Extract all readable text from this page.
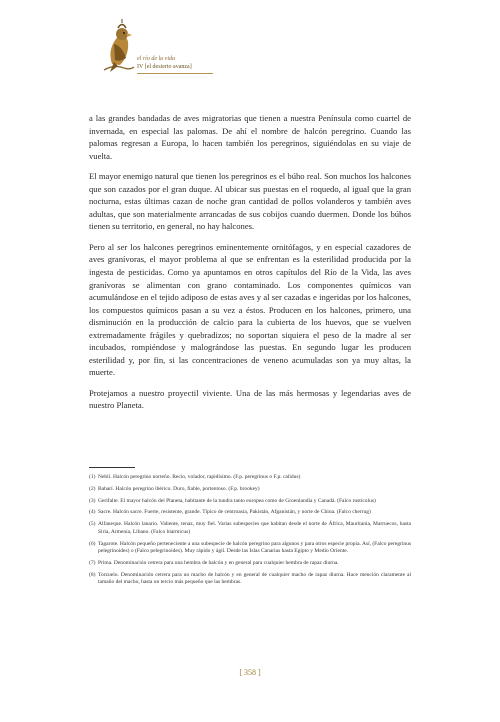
el río de la vida
IV [el desierto avanza]

a las grandes bandadas de aves migratorias que tienen a nuestra Península como cuartel de invernada, en especial las palomas. De ahí el nombre de halcón peregrino. Cuando las palomas regresan a Europa, lo hacen también los peregrinos, siguiéndolas en su viaje de vuelta.

El mayor enemigo natural que tienen los peregrinos es el búho real. Son muchos los halcones que son cazados por el gran duque. Al ubicar sus puestas en el roquedo, al igual que la gran nocturna, estas últimas cazan de noche gran cantidad de pollos volanderos y también aves adultas, que son materialmente arrancadas de sus cobijos cuando duermen. Donde los búhos tienen su territorio, en general, no hay halcones.

Pero al ser los halcones peregrinos eminentemente ornitófagos, y en especial cazadores de aves granívoras, el mayor problema al que se enfrentan es la esterilidad producida por la ingesta de pesticidas. Como ya apuntamos en otros capítulos del Río de la Vida, las aves granívoras se alimentan con grano contaminado. Los componentes químicos van acumulándose en el tejido adiposo de estas aves y al ser cazadas e ingeridas por los halcones, los compuestos químicos pasan a su vez a éstos. Producen en los halcones, primero, una disminución en la producción de calcio para la cubierta de los huevos, que se vuelven extremadamente frágiles y quebradizos; no soportan siquiera el peso de la madre al ser incubados, rompiéndose y malográndose las puestas. En segundo lugar les producen esterilidad y, por fin, si las concentraciones de veneno acumuladas son ya muy altas, la muerte.

Protejamos a nuestro proyectil viviente. Una de las más hermosas y legendarias aves de nuestro Planeta.

(1) Neblí. Halcón peregrino norteño. Recio, volador, rapidísimo. (F.p. peregrinus o F.p. calidus)
(2) Baharí. Halcón peregrino ibérico. Duro, fiable, portentoso. (F.p. brookey)
(3) Gerifalte. El mayor halcón del Planeta, habitante de la tundra tanto europea como de Groenlandia y Canadá. (Falco rusticolus)
(4) Sacre. Halcón sacre. Fuerte, resistente, grande. Típico de centroasia, Pakistán, Afganistán, y norte de China. (Falco cherrug)
(5) Alfaneque. Halcón lanario. Valiente, tenaz, muy fiel. Varias subespecies que habitan desde el norte de África, Mauritania, Marruecos, hasta Siria, Armenia, Líbano. (Falco biarmicus)
(6) Tagarote. Halcón pequeño perteneciente a una subespecie de halcón peregrino para algunos y para otros especie propia. Así, (Falco peregrinus pelegrinoides) o (Falco pelegrinoides). Muy rápido y ágil. Desde las Islas Canarias hasta Egipto y Medio Oriente.
(7) Prima. Denominación cetrera para una hembra de halcón y en general para cualquier hembra de rapaz diurna.
(8) Torzuelo. Denominación cetrera para un macho de halcón y en general de cualquier macho de rapaz diurna. Hace mención claramente al tamaño del macho, hasta un tercio más pequeño que las hembras.
[ 358 ]
